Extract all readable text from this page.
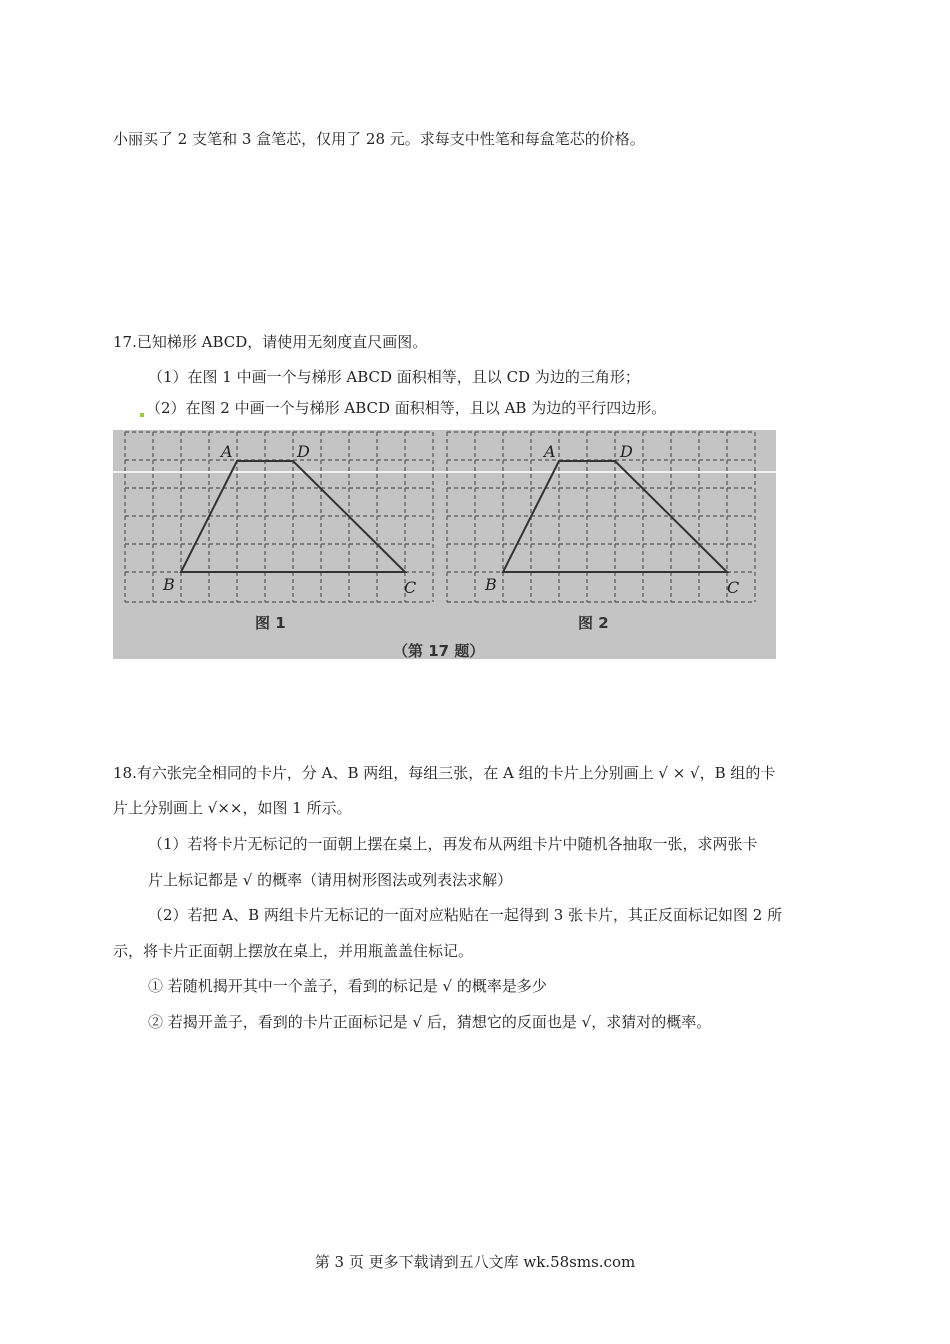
小丽买了 2 支笔和 3 盒笔芯，仅用了 28 元。求每支中性笔和每盒笔芯的价格。
17.已知梯形 ABCD，请使用无刻度直尺画图。
（1）在图 1 中画一个与梯形 ABCD 面积相等，且以 CD 为边的三角形；
（2）在图 2 中画一个与梯形 ABCD 面积相等，且以 AB 为边的平行四边形。
A	D
B	C
A	D
B	C
图 1	图 2
（第 17 题）
18.有六张完全相同的卡片，分 A、B 两组，每组三张，在 A 组的卡片上分别画上 √ × √，B 组的卡
片上分别画上 √××，如图 1 所示。
（1）若将卡片无标记的一面朝上摆在桌上，再发布从两组卡片中随机各抽取一张，求两张卡
片上标记都是 √ 的概率（请用树形图法或列表法求解）
（2）若把 A、B 两组卡片无标记的一面对应粘贴在一起得到 3 张卡片，其正反面标记如图 2 所
示，将卡片正面朝上摆放在桌上，并用瓶盖盖住标记。
① 若随机揭开其中一个盖子，看到的标记是 √ 的概率是多少
② 若揭开盖子，看到的卡片正面标记是 √ 后，猜想它的反面也是 √，求猜对的概率。
第 3 页 更多下载请到五八文库 wk.58sms.com
